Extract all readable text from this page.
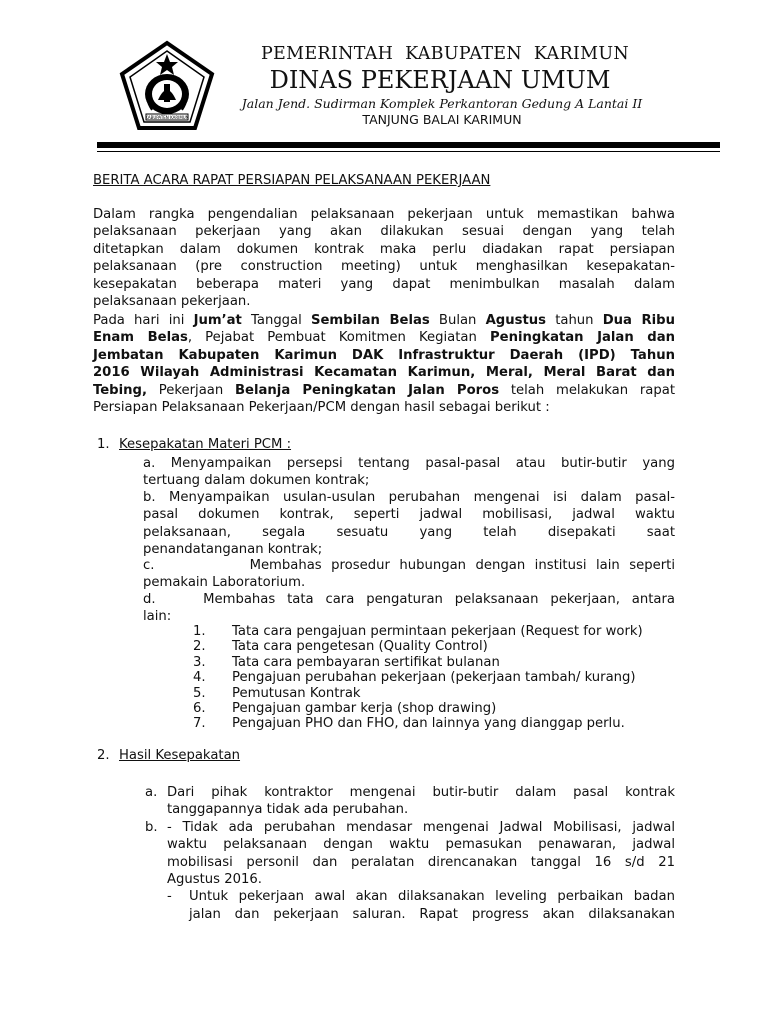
KABUPATEN KARIMUN
PEMERINTAH KABUPATEN KARIMUN
DINAS PEKERJAAN UMUM
Jalan Jend. Sudirman Komplek Perkantoran Gedung A Lantai II
TANJUNG BALAI KARIMUN
BERITA ACARA RAPAT PERSIAPAN PELAKSANAAN PEKERJAAN
Dalam rangka pengendalian pelaksanaan pekerjaan untuk memastikan bahwa
pelaksanaan pekerjaan yang akan dilakukan sesuai dengan yang telah
ditetapkan dalam dokumen kontrak maka perlu diadakan rapat persiapan
pelaksanaan (pre construction meeting) untuk menghasilkan kesepakatan-
kesepakatan beberapa materi yang dapat menimbulkan masalah dalam
pelaksanaan pekerjaan.
Pada hari ini Jum’at Tanggal Sembilan Belas Bulan Agustus tahun Dua Ribu
Enam Belas, Pejabat Pembuat Komitmen Kegiatan Peningkatan Jalan dan
Jembatan Kabupaten Karimun DAK Infrastruktur Daerah (IPD) Tahun
2016 Wilayah Administrasi Kecamatan Karimun, Meral, Meral Barat dan
Tebing, Pekerjaan Belanja Peningkatan Jalan Poros telah melakukan rapat
Persiapan Pelaksanaan Pekerjaan/PCM dengan hasil sebagai berikut :
1. Kesepakatan Materi PCM :
a. Menyampaikan persepsi tentang pasal-pasal atau butir-butir yang
tertuang dalam dokumen kontrak;
b. Menyampaikan usulan-usulan perubahan mengenai isi dalam pasal-
pasal dokumen kontrak, seperti jadwal mobilisasi, jadwal waktu
pelaksanaan, segala sesuatu yang telah disepakati saat
penandatanganan kontrak;
c.          Membahas prosedur hubungan dengan institusi lain seperti
pemakain Laboratorium.
d.    Membahas tata cara pengaturan pelaksanaan pekerjaan, antara
lain:
1. Tata cara pengajuan permintaan pekerjaan (Request for work)
2. Tata cara pengetesan (Quality Control)
3. Tata cara pembayaran sertifikat bulanan
4. Pengajuan perubahan pekerjaan (pekerjaan tambah/ kurang)
5. Pemutusan Kontrak
6. Pengajuan gambar kerja (shop drawing)
7. Pengajuan PHO dan FHO, dan lainnya yang dianggap perlu.
2. Hasil Kesepakatan
a. Dari pihak kontraktor mengenai butir-butir dalam pasal kontrak
tanggapannya tidak ada perubahan.
b. - Tidak ada perubahan mendasar mengenai Jadwal Mobilisasi, jadwal
waktu pelaksanaan dengan waktu pemasukan penawaran, jadwal
mobilisasi personil dan peralatan direncanakan tanggal 16 s/d 21
Agustus 2016.
- Untuk pekerjaan awal akan dilaksanakan leveling perbaikan badan
jalan dan pekerjaan saluran. Rapat progress akan dilaksanakan
